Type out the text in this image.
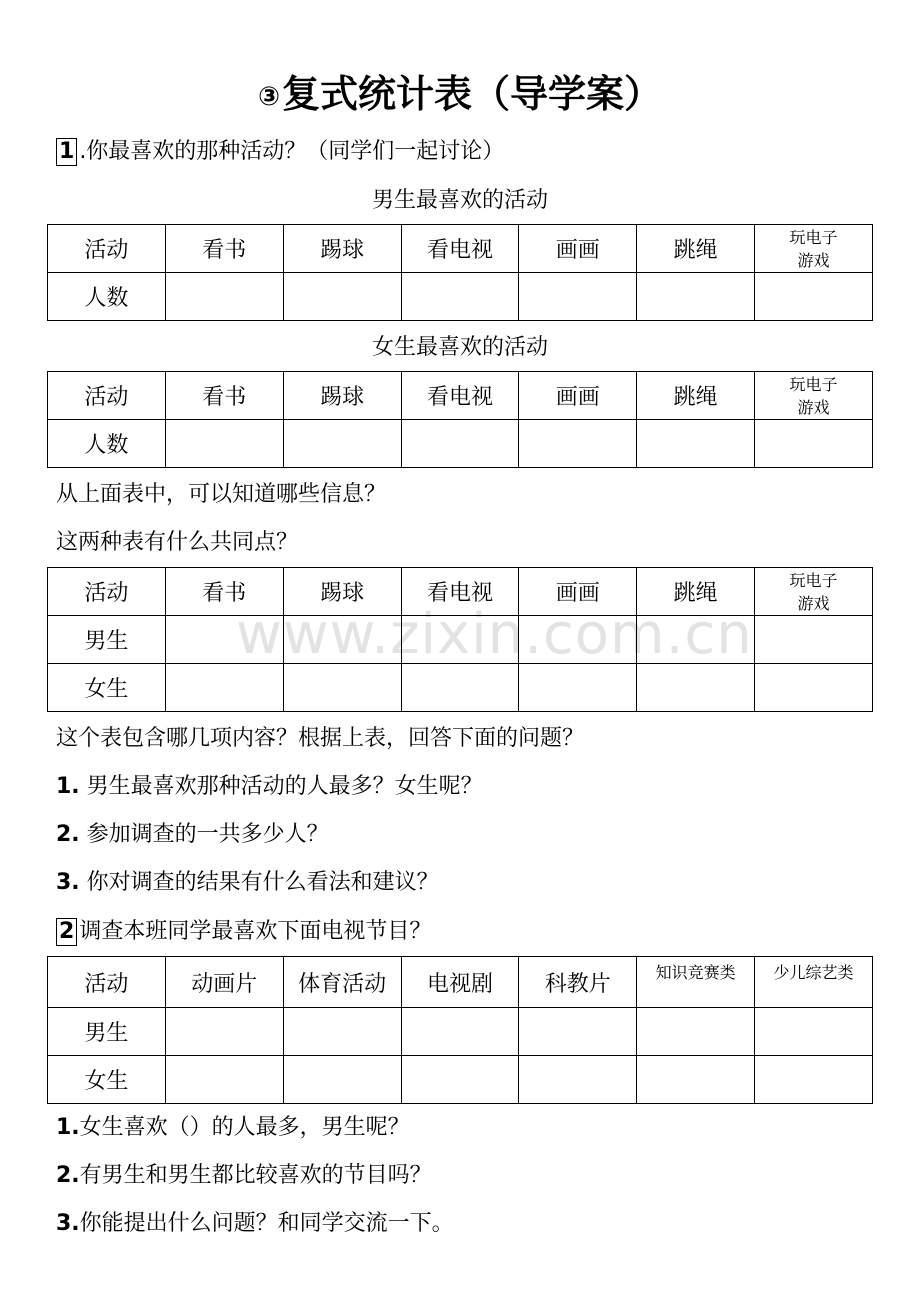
③复式统计表（导学案）
1 .你最喜欢的那种活动？（同学们一起讨论）
男生最喜欢的活动
活动	看书	踢球	看电视	画画	跳绳	玩电子
游戏
人数						
女生最喜欢的活动
活动	看书	踢球	看电视	画画	跳绳	玩电子
游戏
人数						
从上面表中，可以知道哪些信息？
这两种表有什么共同点？
www.zixin.com.cn
活动	看书	踢球	看电视	画画	跳绳	玩电子
游戏
男生						
女生						
这个表包含哪几项内容？根据上表，回答下面的问题？
1. 男生最喜欢那种活动的人最多？女生呢？
2. 参加调查的一共多少人？
3. 你对调查的结果有什么看法和建议？
2 调查本班同学最喜欢下面电视节目？
活动	动画片	体育活动	电视剧	科教片	知识竞赛类	少儿综艺类
男生						
女生						
1.女生喜欢（）的人最多，男生呢？
2.有男生和男生都比较喜欢的节目吗？
3.你能提出什么问题？和同学交流一下。
